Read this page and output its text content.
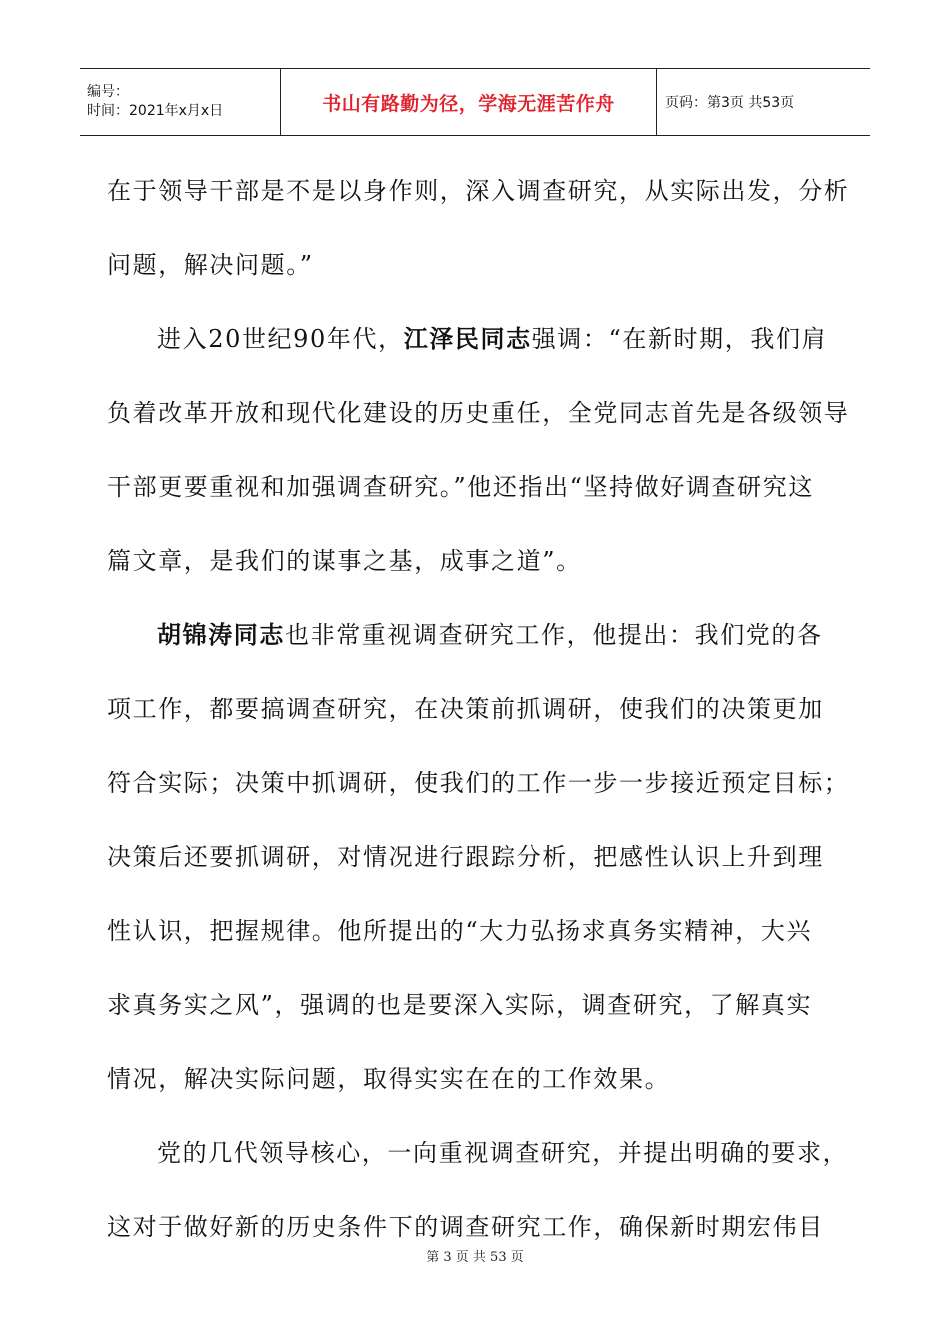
编号：
时间：2021年x月x日	书山有路勤为径，学海无涯苦作舟	页码：第3页 共53页
在于领导干部是不是以身作则，深入调查研究，从实际出发，分析
问题，解决问题。”
进入20世纪90年代，江泽民同志强调：“在新时期，我们肩
负着改革开放和现代化建设的历史重任，全党同志首先是各级领导
干部更要重视和加强调查研究。”他还指出“坚持做好调查研究这
篇文章，是我们的谋事之基，成事之道”。
胡锦涛同志也非常重视调查研究工作，他提出：我们党的各
项工作，都要搞调查研究，在决策前抓调研，使我们的决策更加
符合实际；决策中抓调研，使我们的工作一步一步接近预定目标；
决策后还要抓调研，对情况进行跟踪分析，把感性认识上升到理
性认识，把握规律。他所提出的“大力弘扬求真务实精神，大兴
求真务实之风”，强调的也是要深入实际，调查研究，了解真实
情况，解决实际问题，取得实实在在的工作效果。
党的几代领导核心，一向重视调查研究，并提出明确的要求，
这对于做好新的历史条件下的调查研究工作，确保新时期宏伟目
第 3 页 共 53 页
